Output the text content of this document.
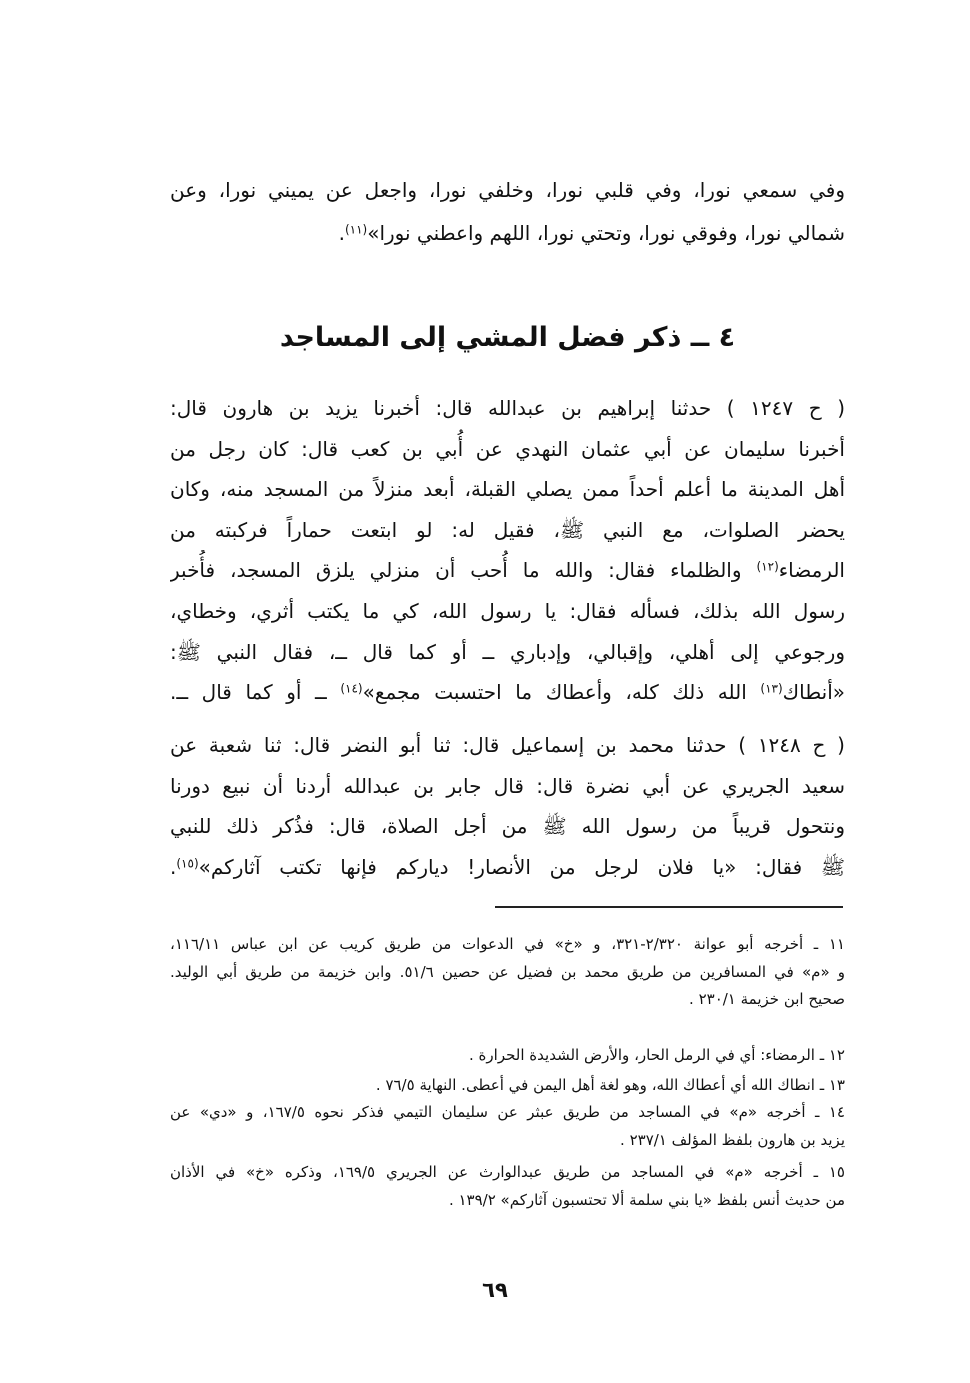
وفي سمعي نورا، وفي قلبي نورا، وخلفي نورا، واجعل عن يميني نورا، وعن
شمالي نورا، وفوقي نورا، وتحتي نورا، اللهم واعطني نورا»$^{(١١)}$.
٤ ــ ذكر فضل المشي إلى المساجد
( ح ١٢٤٧ ) حدثنا إبراهيم بن عبدالله قال: أخبرنا يزيد بن هارون قال:
أخبرنا سليمان عن أبي عثمان النهدي عن أُبي بن كعب قال: كان رجل من
أهل المدينة ما أعلم أحداً ممن يصلي القبلة، أبعد منزلاً من المسجد منه، وكان
يحضر الصلوات، مع النبي ﷺ، فقيل له: لو ابتعت حماراً فركبته من
الرمضاء$^{(١٢)}$ والظلماء فقال: والله ما أُحب أن منزلي يلزق المسجد، فأُخبر
رسول الله بذلك، فسأله فقال: يا رسول الله، كي ما يكتب أثري، وخطاي،
ورجوعي إلى أهلي، وإقبالي، وإدباري ــ أو كما قال ــ، فقال النبي ﷺ:
«أنطاك$^{(١٣)}$ الله ذلك كله، وأعطاك ما احتسبت مجمع»$^{(١٤)}$ ــ أو كما قال ــ.
( ح ١٢٤٨ ) حدثنا محمد بن إسماعيل قال: ثنا أبو النضر قال: ثنا شعبة عن
سعيد الجريري عن أبي نضرة قال: قال جابر بن عبدالله أردنا أن نبيع دورنا
ونتحول قريباً من رسول الله ﷺ من أجل الصلاة، قال: فذُكر ذلك للنبي
ﷺ فقال: «يا فلان لرجل من الأنصار! دياركم فإنها تكتب آثاركم»$^{(١٥)}$.
١١ ـ أخرجه أبو عوانة ٢/٣٢٠-٣٢١، و «خ» في الدعوات من طريق كريب عن ابن عباس ١١٦/١١،
و «م» في المسافرين من طريق محمد بن فضيل عن حصين ٥١/٦. وابن خزيمة من طريق أبي الوليد.
صحيح ابن خزيمة ٢٣٠/١ .
١٢ ـ الرمضاء: أي في الرمل الحار، والأرض الشديدة الحرارة .
١٣ ـ انطاك الله أي أعطاك الله، وهو لغة أهل اليمن في أعطى. النهاية ٧٦/٥ .
١٤ ـ أخرجه «م» في المساجد من طريق عبثر عن سليمان التيمي فذكر نحوه ١٦٧/٥، و «دي» عن
يزيد بن هارون بلفظ المؤلف ٢٣٧/١ .
١٥ ـ أخرجه «م» في المساجد من طريق عبدالوارث عن الجريري ١٦٩/٥، وذكره «خ» في الأذان
من حديث أنس بلفظ «يا بني سلمة ألا تحتسبون آثاركم» ١٣٩/٢ .
٦٩
